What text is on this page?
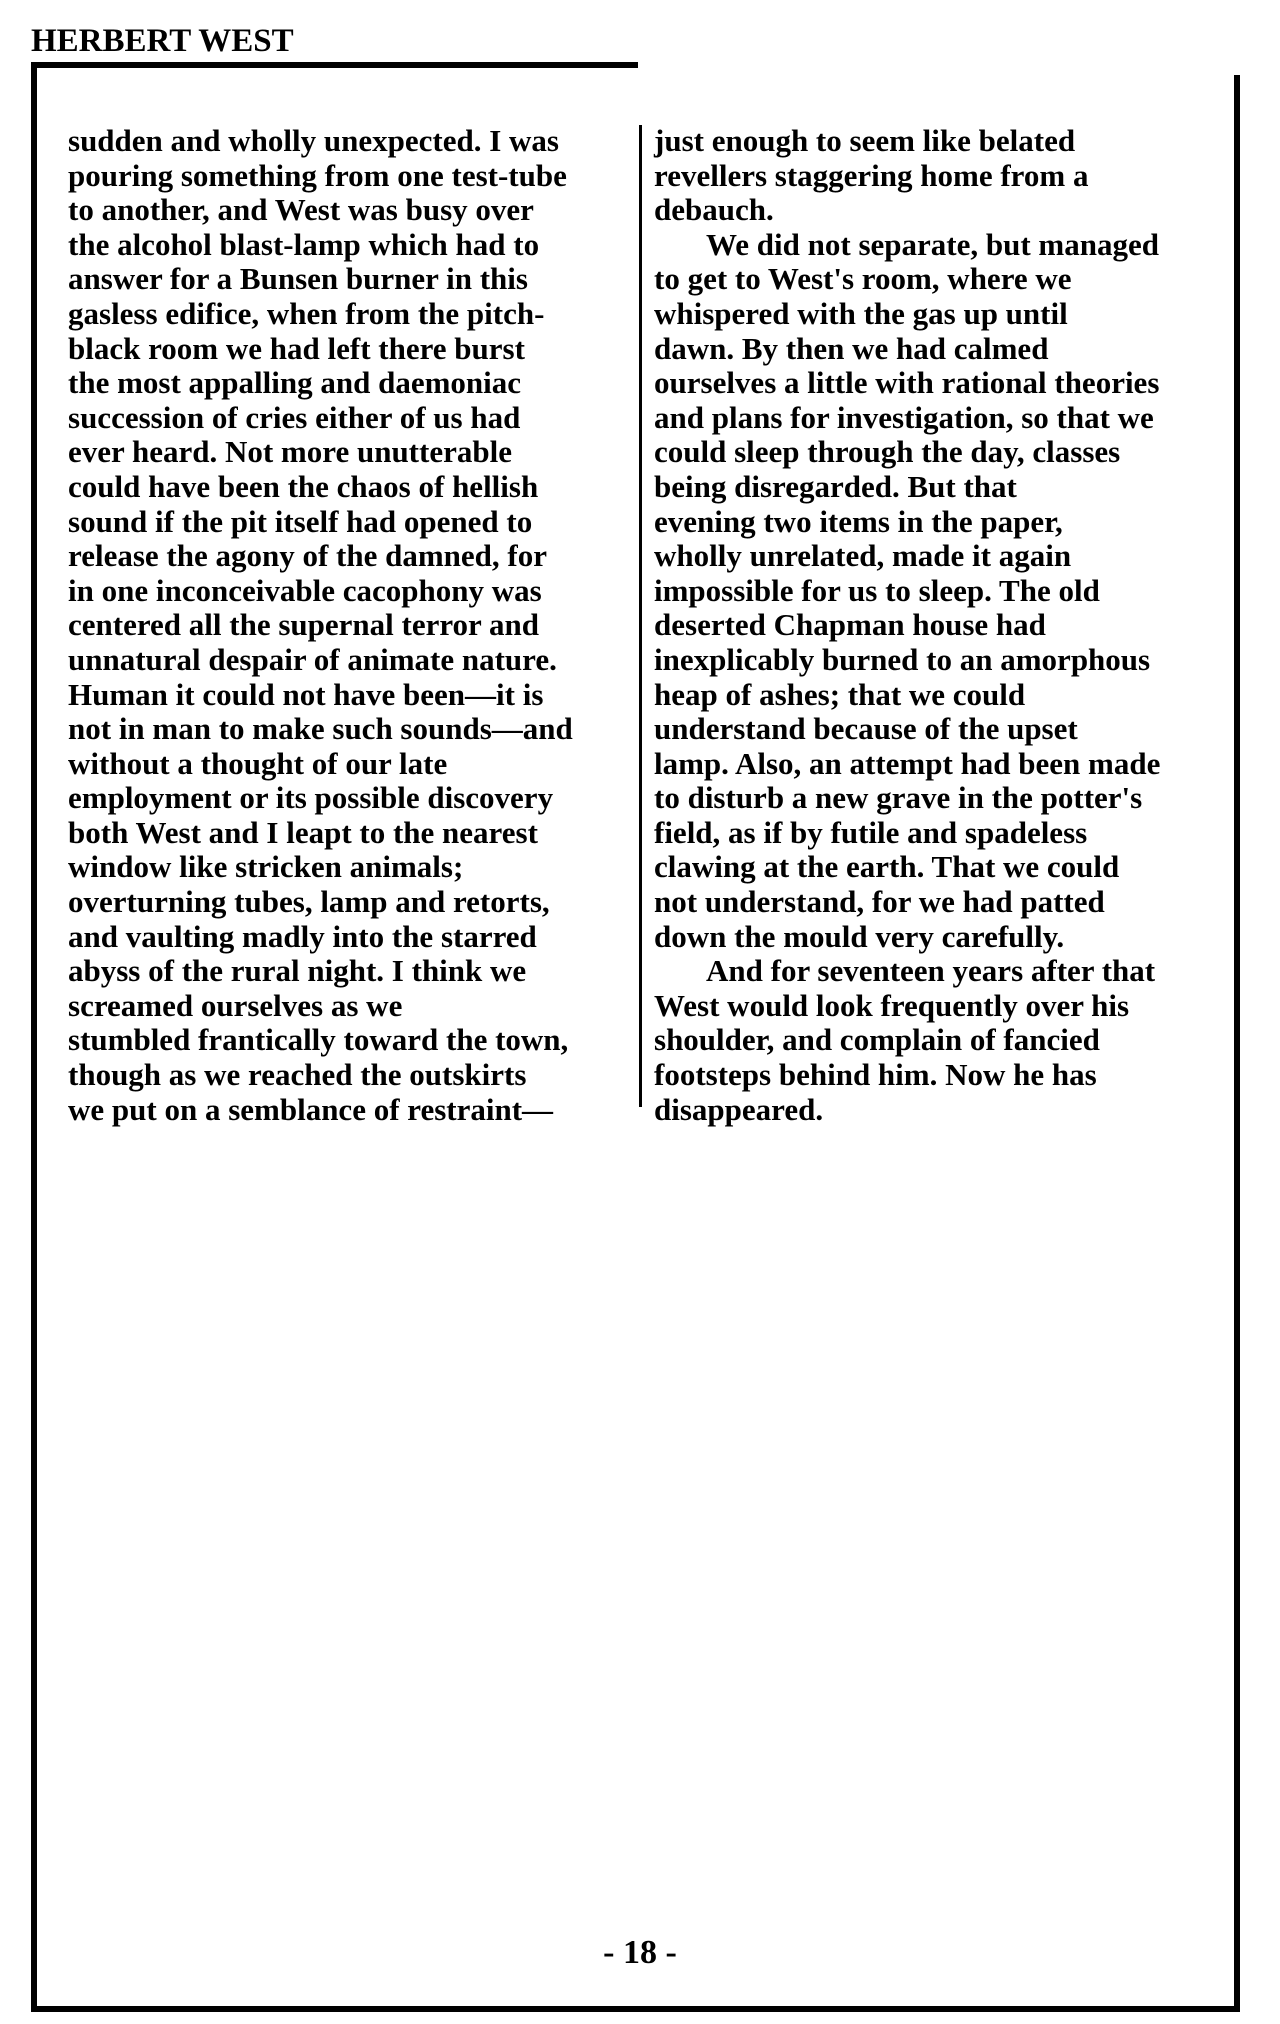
HERBERT WEST
sudden and wholly unexpected. I was
pouring something from one test-tube
to another, and West was busy over
the alcohol blast-lamp which had to
answer for a Bunsen burner in this
gasless edifice, when from the pitch-
black room we had left there burst
the most appalling and daemoniac
succession of cries either of us had
ever heard. Not more unutterable
could have been the chaos of hellish
sound if the pit itself had opened to
release the agony of the damned, for
in one inconceivable cacophony was
centered all the supernal terror and
unnatural despair of animate nature.
Human it could not have been—it is
not in man to make such sounds—and
without a thought of our late
employment or its possible discovery
both West and I leapt to the nearest
window like stricken animals;
overturning tubes, lamp and retorts,
and vaulting madly into the starred
abyss of the rural night. I think we
screamed ourselves as we
stumbled frantically toward the town,
though as we reached the outskirts
we put on a semblance of restraint—
just enough to seem like belated
revellers staggering home from a
debauch.
We did not separate, but managed
to get to West's room, where we
whispered with the gas up until
dawn. By then we had calmed
ourselves a little with rational theories
and plans for investigation, so that we
could sleep through the day, classes
being disregarded. But that
evening two items in the paper,
wholly unrelated, made it again
impossible for us to sleep. The old
deserted Chapman house had
inexplicably burned to an amorphous
heap of ashes; that we could
understand because of the upset
lamp. Also, an attempt had been made
to disturb a new grave in the potter's
field, as if by futile and spadeless
clawing at the earth. That we could
not understand, for we had patted
down the mould very carefully.
And for seventeen years after that
West would look frequently over his
shoulder, and complain of fancied
footsteps behind him. Now he has
disappeared.
- 18 -
